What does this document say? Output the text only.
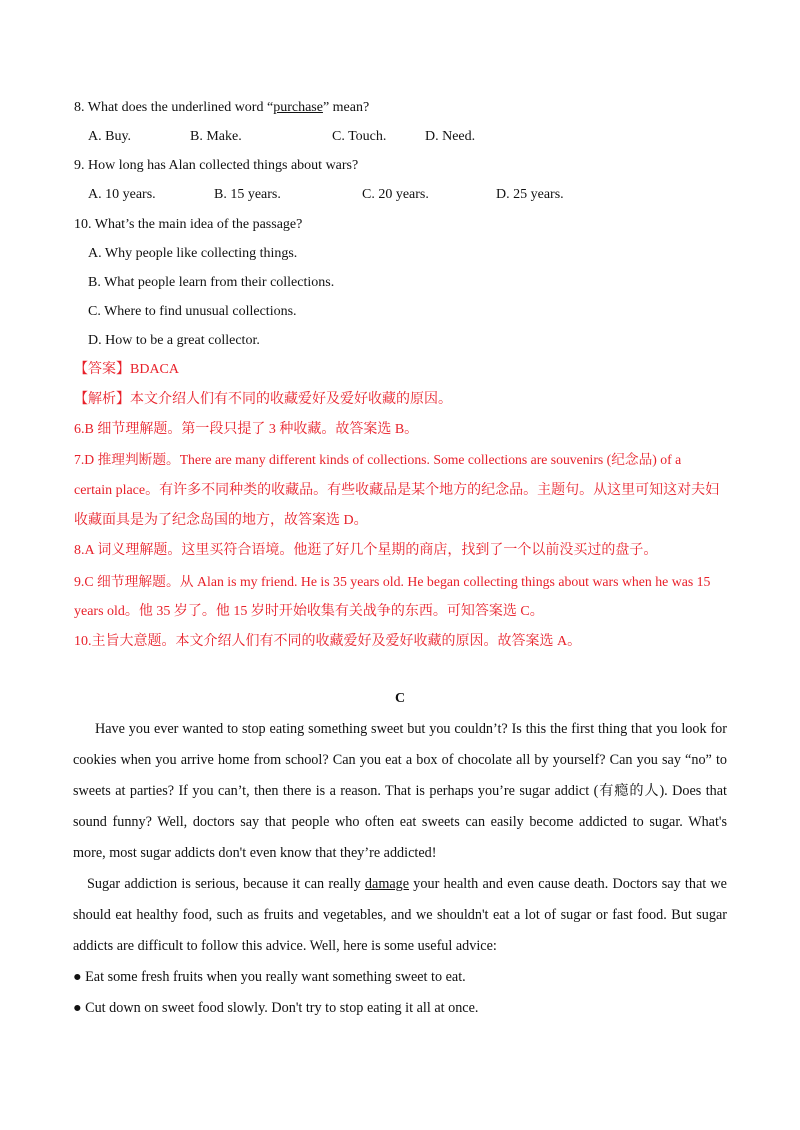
8. What does the underlined word “purchase” mean?
A. Buy.	B. Make.	C. Touch.	D. Need.
9. How long has Alan collected things about wars?
A. 10 years.	B. 15 years.	C. 20 years.	D. 25 years.
10. What’s the main idea of the passage?
A. Why people like collecting things.
B. What people learn from their collections.
C. Where to find unusual collections.
D. How to be a great collector.
【答案】BDACA
【解析】本文介绍人们有不同的收藏爱好及爱好收藏的原因。
6.B 细节理解题。第一段只提了 3 种收藏。故答案选 B。
7.D 推理判断题。There are many different kinds of collections. Some collections are souvenirs (纪念品) of a
certain place。有许多不同种类的收藏品。有些收藏品是某个地方的纪念品。主题句。从这里可知这对夫妇
收藏面具是为了纪念岛国的地方，故答案选 D。
8.A 词义理解题。这里买符合语境。他逛了好几个星期的商店，找到了一个以前没买过的盘子。
9.C 细节理解题。从 Alan is my friend. He is 35 years old. He began collecting things about wars when he was 15
years old。他 35 岁了。他 15 岁时开始收集有关战争的东西。可知答案选 C。
10.主旨大意题。本文介绍人们有不同的收藏爱好及爱好收藏的原因。故答案选 A。
C

Have you ever wanted to stop eating something sweet but you couldn’t? Is this the first thing that you look for cookies when you arrive home from school? Can you eat a box of chocolate all by yourself? Can you say “no” to sweets at parties? If you can’t, then there is a reason. That is perhaps you’re sugar addict (有瘾的人). Does that sound funny? Well, doctors say that people who often eat sweets can easily become addicted to sugar. What's more, most sugar addicts don't even know that they’re addicted!

Sugar addiction is serious, because it can really damage your health and even cause death. Doctors say that we should eat healthy food, such as fruits and vegetables, and we shouldn't eat a lot of sugar or fast food. But sugar addicts are difficult to follow this advice. Well, here is some useful advice:

● Eat some fresh fruits when you really want something sweet to eat.

● Cut down on sweet food slowly. Don't try to stop eating it all at once.
